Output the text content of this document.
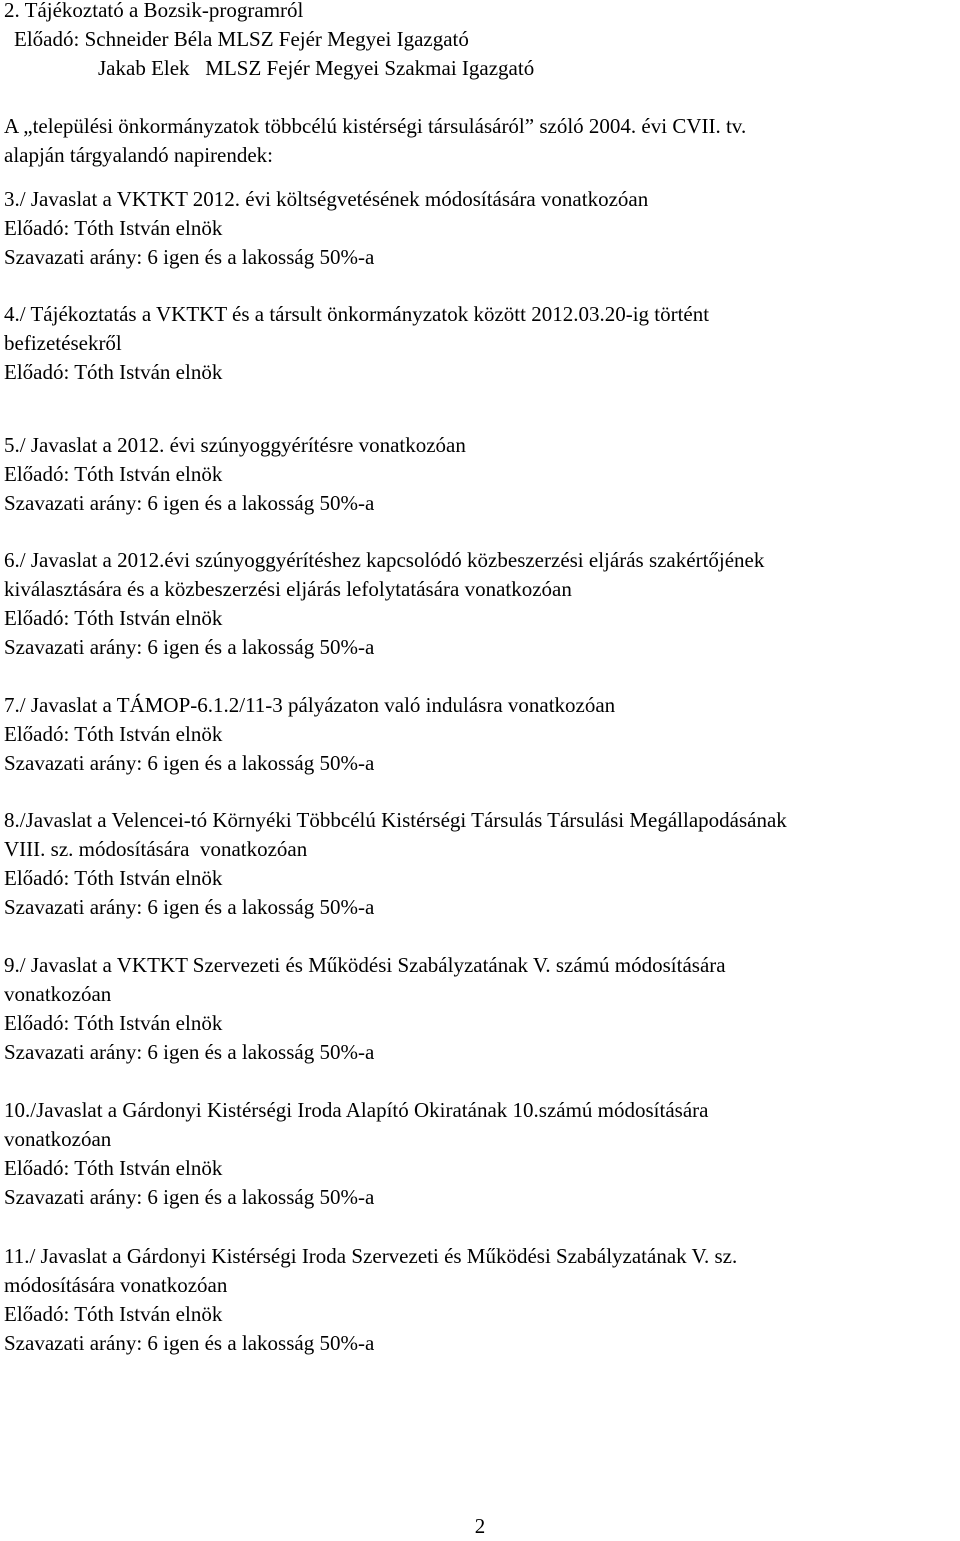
2. Tájékoztató a Bozsik-programról
Előadó: Schneider Béla MLSZ Fejér Megyei Igazgató
Jakab Elek   MLSZ Fejér Megyei Szakmai Igazgató
A „települési önkormányzatok többcélú kistérségi társulásáról” szóló 2004. évi CVII. tv.
alapján tárgyalandó napirendek:
3./ Javaslat a VKTKT 2012. évi költségvetésének módosítására vonatkozóan
Előadó: Tóth István elnök
Szavazati arány: 6 igen és a lakosság 50%-a
4./ Tájékoztatás a VKTKT és a társult önkormányzatok között 2012.03.20-ig történt
befizetésekről
Előadó: Tóth István elnök
5./ Javaslat a 2012. évi szúnyoggyérítésre vonatkozóan
Előadó: Tóth István elnök
Szavazati arány: 6 igen és a lakosság 50%-a
6./ Javaslat a 2012.évi szúnyoggyérítéshez kapcsolódó közbeszerzési eljárás szakértőjének
kiválasztására és a közbeszerzési eljárás lefolytatására vonatkozóan
Előadó: Tóth István elnök
Szavazati arány: 6 igen és a lakosság 50%-a
7./ Javaslat a TÁMOP-6.1.2/11-3 pályázaton való indulásra vonatkozóan
Előadó: Tóth István elnök
Szavazati arány: 6 igen és a lakosság 50%-a
8./Javaslat a Velencei-tó Környéki Többcélú Kistérségi Társulás Társulási Megállapodásának
VIII. sz. módosítására  vonatkozóan
Előadó: Tóth István elnök
Szavazati arány: 6 igen és a lakosság 50%-a
9./ Javaslat a VKTKT Szervezeti és Működési Szabályzatának V. számú módosítására
vonatkozóan
Előadó: Tóth István elnök
Szavazati arány: 6 igen és a lakosság 50%-a
10./Javaslat a Gárdonyi Kistérségi Iroda Alapító Okiratának 10.számú módosítására
vonatkozóan
Előadó: Tóth István elnök
Szavazati arány: 6 igen és a lakosság 50%-a
11./ Javaslat a Gárdonyi Kistérségi Iroda Szervezeti és Működési Szabályzatának V. sz.
módosítására vonatkozóan
Előadó: Tóth István elnök
Szavazati arány: 6 igen és a lakosság 50%-a
2
